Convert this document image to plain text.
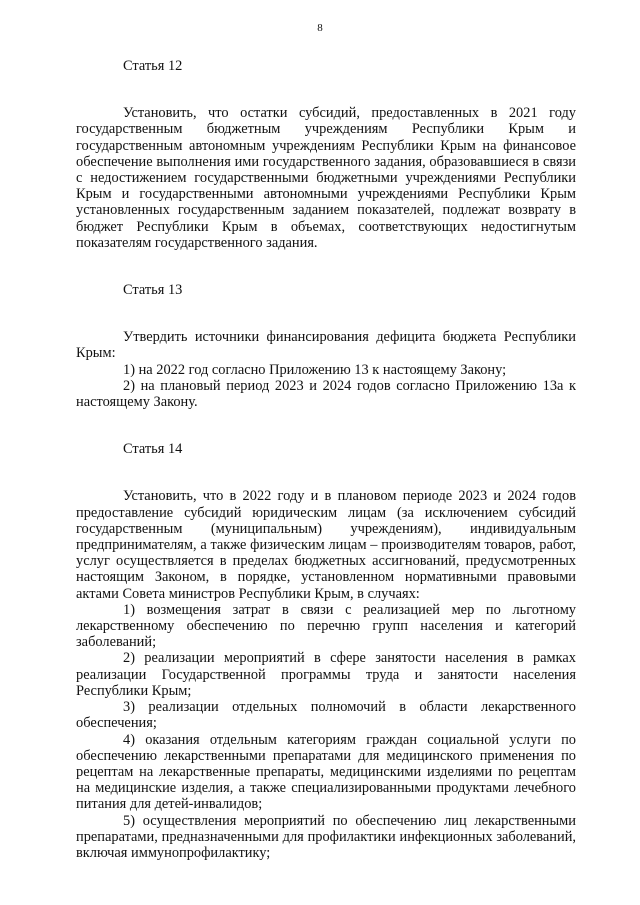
8
Статья 12

Установить, что остатки субсидий, предоставленных в 2021 году государственным бюджетным учреждениям Республики Крым и государственным автономным учреждениям Республики Крым на финансовое обеспечение выполнения ими государственного задания, образовавшиеся в связи с недостижением государственными бюджетными учреждениями Республики Крым и государственными автономными учреждениями Республики Крым установленных государственным заданием показателей, подлежат возврату в бюджет Республики Крым в объемах, соответствующих недостигнутым показателям государственного задания.

Статья 13

Утвердить источники финансирования дефицита бюджета Республики Крым:

1) на 2022 год согласно Приложению 13 к настоящему Закону;

2) на плановый период 2023 и 2024 годов согласно Приложению 13а к настоящему Закону.

Статья 14

Установить, что в 2022 году и в плановом периоде 2023 и 2024 годов предоставление субсидий юридическим лицам (за исключением субсидий государственным (муниципальным) учреждениям), индивидуальным предпринимателям, а также физическим лицам – производителям товаров, работ, услуг осуществляется в пределах бюджетных ассигнований, предусмотренных настоящим Законом, в порядке, установленном нормативными правовыми актами Совета министров Республики Крым, в случаях:

1) возмещения затрат в связи с реализацией мер по льготному лекарственному обеспечению по перечню групп населения и категорий заболеваний;

2) реализации мероприятий в сфере занятости населения в рамках реализации Государственной программы труда и занятости населения Республики Крым;

3) реализации отдельных полномочий в области лекарственного обеспечения;

4) оказания отдельным категориям граждан социальной услуги по обеспечению лекарственными препаратами для медицинского применения по рецептам на лекарственные препараты, медицинскими изделиями по рецептам на медицинские изделия, а также специализированными продуктами лечебного питания для детей-инвалидов;

5) осуществления мероприятий по обеспечению лиц лекарственными препаратами, предназначенными для профилактики инфекционных заболеваний, включая иммунопрофилактику;
